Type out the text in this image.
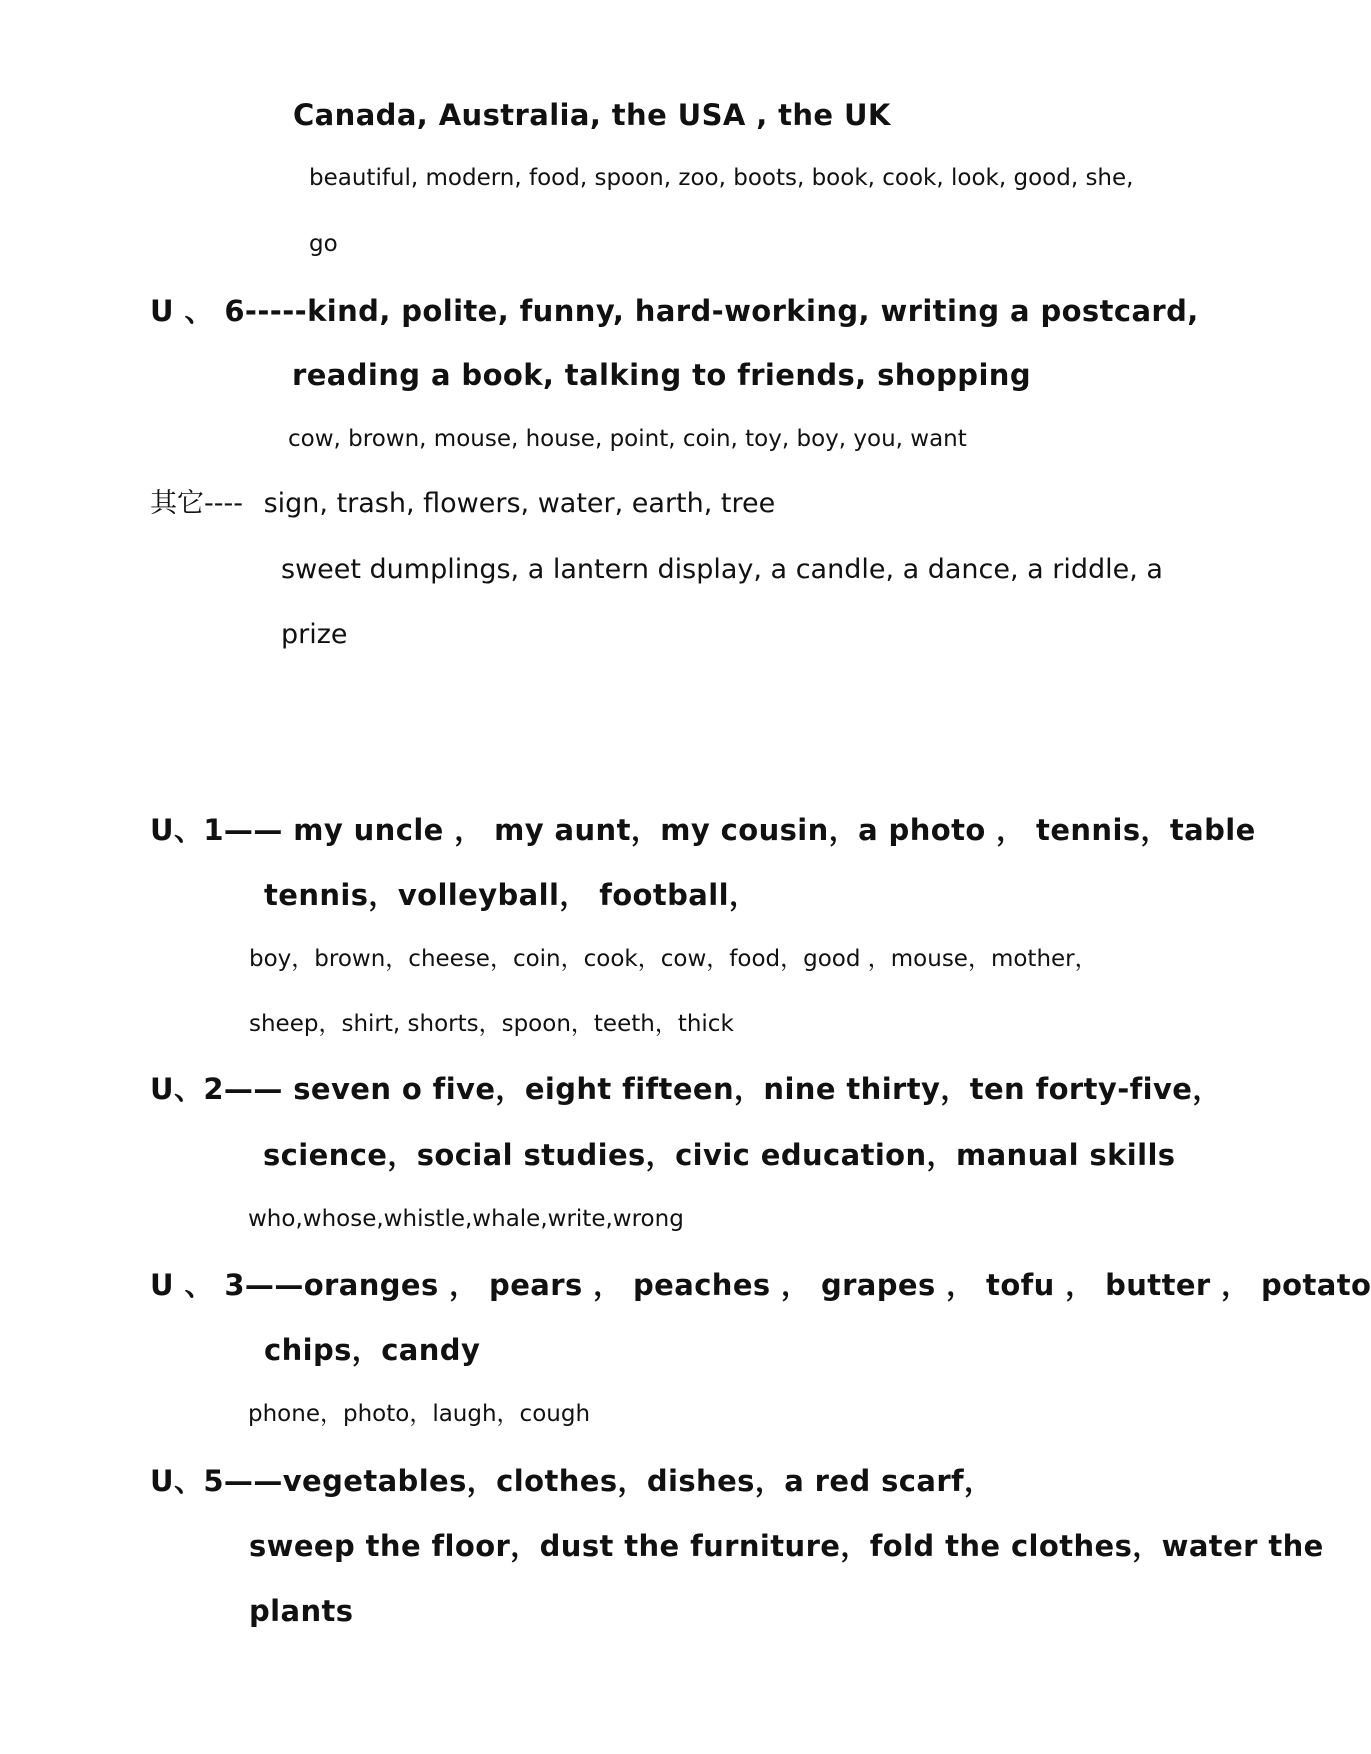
Canada, Australia, the USA , the UK
beautiful, modern, food, spoon, zoo, boots, book, cook, look, good, she,
go
U 、 6----- kind, polite, funny, hard-working, writing a postcard,
reading a book, talking to friends, shopping
cow, brown, mouse, house, point, coin, toy, boy, you, want
其它---- sign, trash, flowers, water, earth, tree
sweet dumplings, a lantern display, a candle, a dance, a riddle, a
prize
U、1—— my uncle ， my aunt，my cousin，a photo ， tennis，table
tennis，volleyball， football，
boy，brown，cheese，coin，cook，cow，food，good ，mouse，mother，
sheep，shirt, shorts，spoon，teeth，thick
U、2—— seven o five，eight fifteen，nine thirty，ten forty-five，
science，social studies，civic education，manual skills
who,whose,whistle,whale,write,wrong
U 、 3——oranges ， pears ， peaches ， grapes ， tofu ， butter ， potato
chips，candy
phone，photo，laugh，cough
U、5——vegetables，clothes，dishes，a red scarf，
sweep the floor，dust the furniture，fold the clothes，water the
plants
